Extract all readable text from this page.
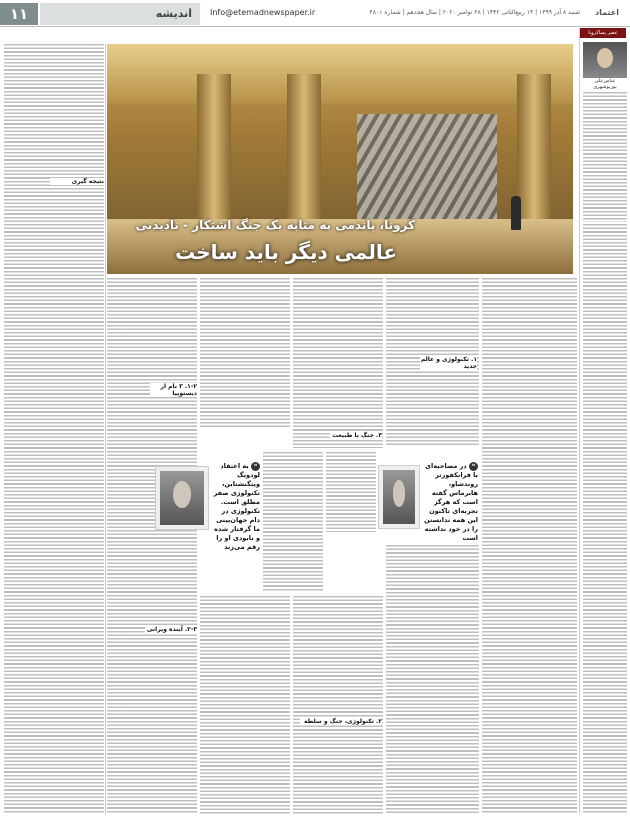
۱۱	اندیشه	Info@etemadnewspaper.ir	شنبه ۸ آذر ۱۳۹۹ | ۱۴ ربیع‌الثانی ۱۴۴۲ | ۲۸ نوامبر ۲۰۲۰ | سال هجدهم | شماره ۴۸۰۱	اعتماد
عصر پسا‌کرونا
عباس‌علی پوربوشهری
کرونا، پاندمی به مثابه یک جنگ اشتکار - نادیدنی
عالمی دیگر باید ساخت
نتیجه گیری
۱. تکنولوژی و عالم جدید
۱-۲. ۳ نام از دیستوپیا
۳. جنگ با طبیعت
❝ به اعتقاد لودویگ ویتگنشتاین، تکنولوژی صفر مطلق است. تکنولوژی در دام جهان‌بینی ما گرفتار شده و نابودی او را رقم می‌زند
❝ در مصاحبه‌ای با فرانکفورتر روندشاو، هابرماس گفته است که هرگز تجربه‌ای تاکنون این همه ندانستن را در خود نداشته است
۲-۳. آینده ویرانی
۲. تکنولوژی، جنگ و سلطه
